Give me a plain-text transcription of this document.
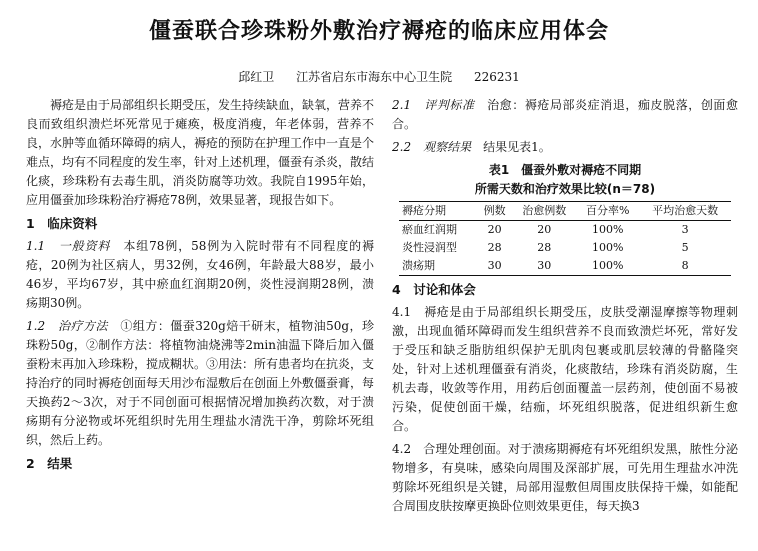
僵蚕联合珍珠粉外敷治疗褥疮的临床应用体会
邱红卫 江苏省启东市海东中心卫生院 226231

褥疮是由于局部组织长期受压，发生持续缺血，缺氧，营养不良而致组织溃烂坏死常见于瘫痪，极度消瘦，年老体弱，营养不良，水肿等血循环障碍的病人，褥疮的预防在护理工作中一直是个难点，均有不同程度的发生率，针对上述机理，僵蚕有杀炎，散结化痰，珍珠粉有去毒生肌，消炎防腐等功效。我院自1995年始，应用僵蚕加珍珠粉治疗褥疮78例，效果显著，现报告如下。

1　临床资料

1.1　一般资料　 本组78例，58例为入院时带有不同程度的褥疮，20例为社区病人，男32例，女46例，年龄最大88岁，最小46岁，平均67岁，其中瘀血红润期20例，炎性浸润期28例，溃疡期30例。

1.2　治疗方法　 ①组方：僵蚕320g焙干研末，植物油50g，珍珠粉50g，②制作方法：将植物油烧沸等2min油温下降后加入僵蚕粉末再加入珍珠粉，搅成糊状。③用法：所有患者均在抗炎，支持治疗的同时褥疮创面每天用沙布湿敷后在创面上外敷僵蚕膏，每天换药2～3次，对于不同创面可根据情况增加换药次数，对于溃疡期有分泌物或坏死组织时先用生理盐水清洗干净，剪除坏死组织，然后上药。

2　结果

2.1　评判标准　 治愈：褥疮局部炎症消退，痂皮脱落，创面愈合。

2.2　观察结果　 结果见表1。

表1　僵蚕外敷对褥疮不同期
所需天数和治疗效果比较(n＝78)
褥疮分期	例数	治愈例数	百分率%	平均治愈天数
瘀血红润期	20	20	100%	3
炎性浸润型	28	28	100%	5
溃疡期	30	30	100%	8
4　讨论和体会

4.1　褥疮是由于局部组织长期受压，皮肤受潮湿摩擦等物理刺激，出现血循环障碍而发生组织营养不良而致溃烂坏死，常好发于受压和缺乏脂肪组织保护无肌肉包裹或肌层较薄的骨骼隆突处，针对上述机理僵蚕有消炎，化痰散结，珍珠有消炎防腐，生机去毒，收敛等作用，用药后创面覆盖一层药剂，使创面不易被污染，促使创面干燥，结痂，坏死组织脱落，促进组织新生愈合。

4.2　合理处理创面。对于溃疡期褥疮有坏死组织发黑，脓性分泌物增多，有臭味，感染向周围及深部扩展，可先用生理盐水冲洗剪除坏死组织是关键，局部用湿敷但周围皮肤保持干燥，如能配合周围皮肤按摩更换卧位则效果更佳，每天换3
